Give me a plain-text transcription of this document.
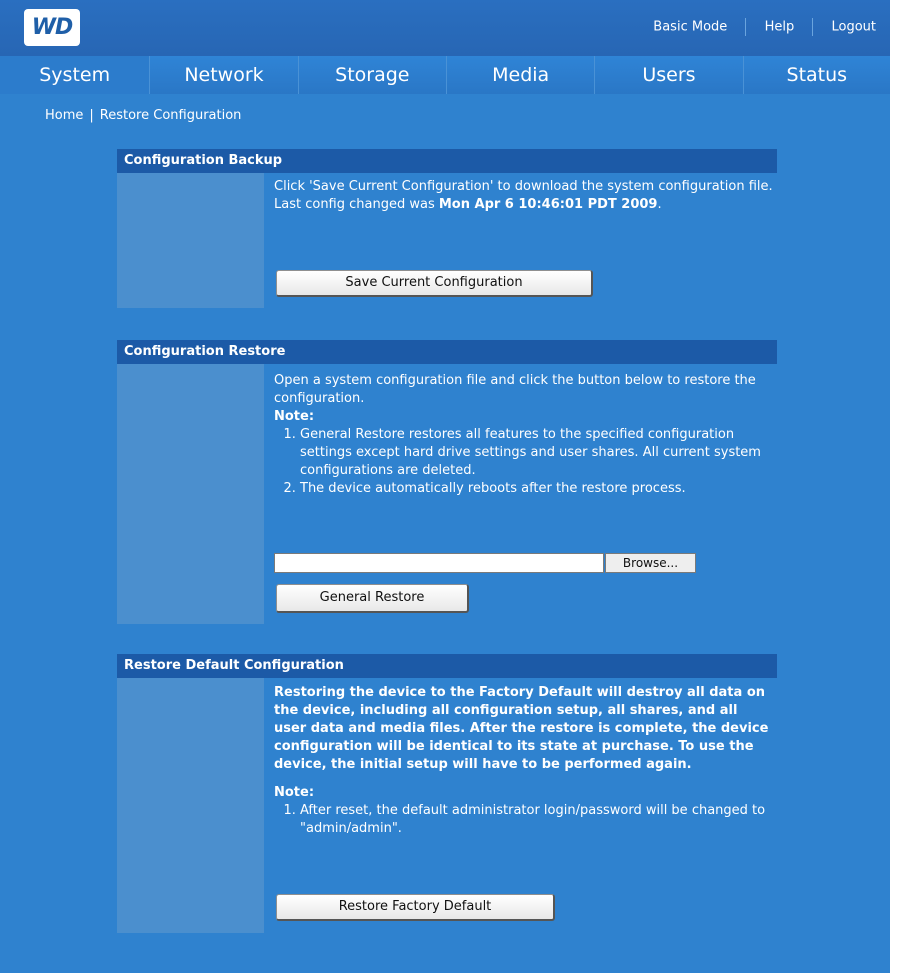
WD	Basic Mode	Help	Logout
System	Network	Storage	Media	Users	Status
Home | Restore Configuration
Configuration Backup

Click 'Save Current Configuration' to download the system configuration file.

Last config changed was Mon Apr 6 10:46:01 PDT 2009.

Save Current Configuration
Configuration Restore

Open a system configuration file and click the button below to restore the configuration.

Note:

1. General Restore restores all features to the specified configuration settings except hard drive settings and user shares. All current system configurations are deleted.
2. The device automatically reboots after the restore process.
Browse...
General Restore
Restore Default Configuration

Restoring the device to the Factory Default will destroy all data on the device, including all configuration setup, all shares, and all user data and media files. After the restore is complete, the device configuration will be identical to its state at purchase. To use the device, the initial setup will have to be performed again.

Note:

1. After reset, the default administrator login/password will be changed to "admin/admin".
Restore Factory Default
